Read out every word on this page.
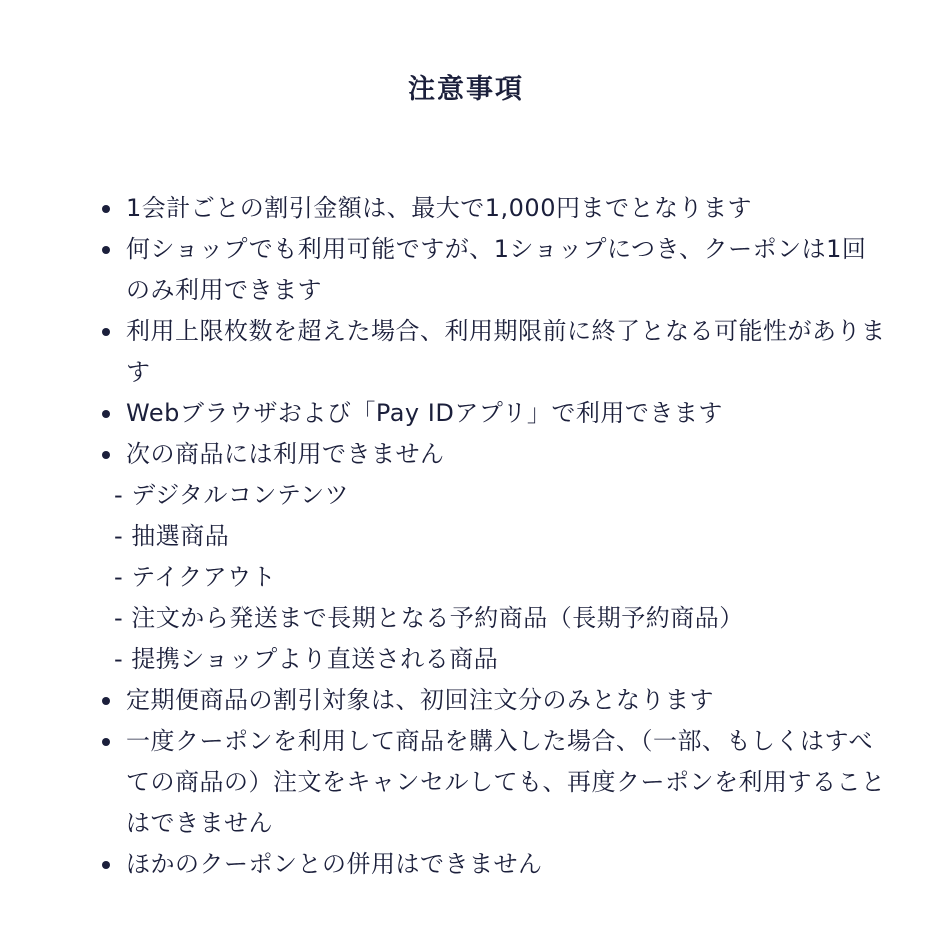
注意事項
1会計ごとの割引金額は、最大で1,000円までとなります
何ショップでも利用可能ですが、1ショップにつき、クーポンは1回のみ利用できます
利用上限枚数を超えた場合、利用期限前に終了となる可能性があります
Webブラウザおよび「Pay IDアプリ」で利用できます
次の商品には利用できません
- デジタルコンテンツ
- 抽選商品
- テイクアウト
- 注文から発送まで長期となる予約商品（長期予約商品）
- 提携ショップより直送される商品
定期便商品の割引対象は、初回注文分のみとなります
一度クーポンを利用して商品を購入した場合、（一部、もしくはすべての商品の）注文をキャンセルしても、再度クーポンを利用することはできません
ほかのクーポンとの併用はできません
